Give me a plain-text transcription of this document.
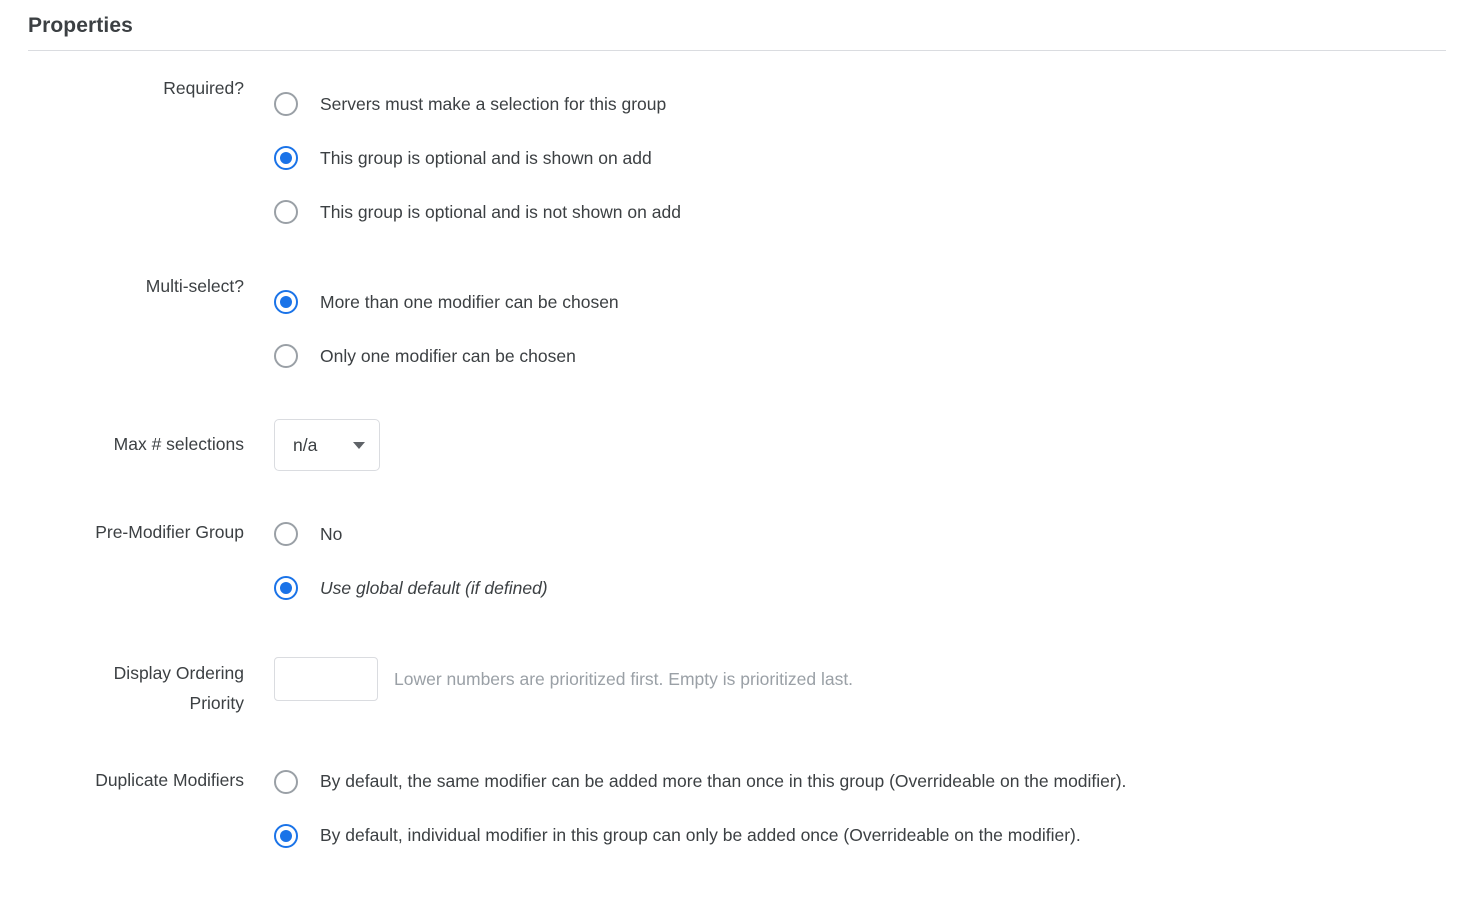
Properties
Required?
Servers must make a selection for this group
This group is optional and is shown on add
This group is optional and is not shown on add
Multi-select?
More than one modifier can be chosen
Only one modifier can be chosen
Max # selections	n/a
Pre-Modifier Group	No
Use global default (if defined)
Display Ordering
Priority
Lower numbers are prioritized first. Empty is prioritized last.
Duplicate Modifiers	By default, the same modifier can be added more than once in this group (Overrideable on the modifier).
By default, individual modifier in this group can only be added once (Overrideable on the modifier).
